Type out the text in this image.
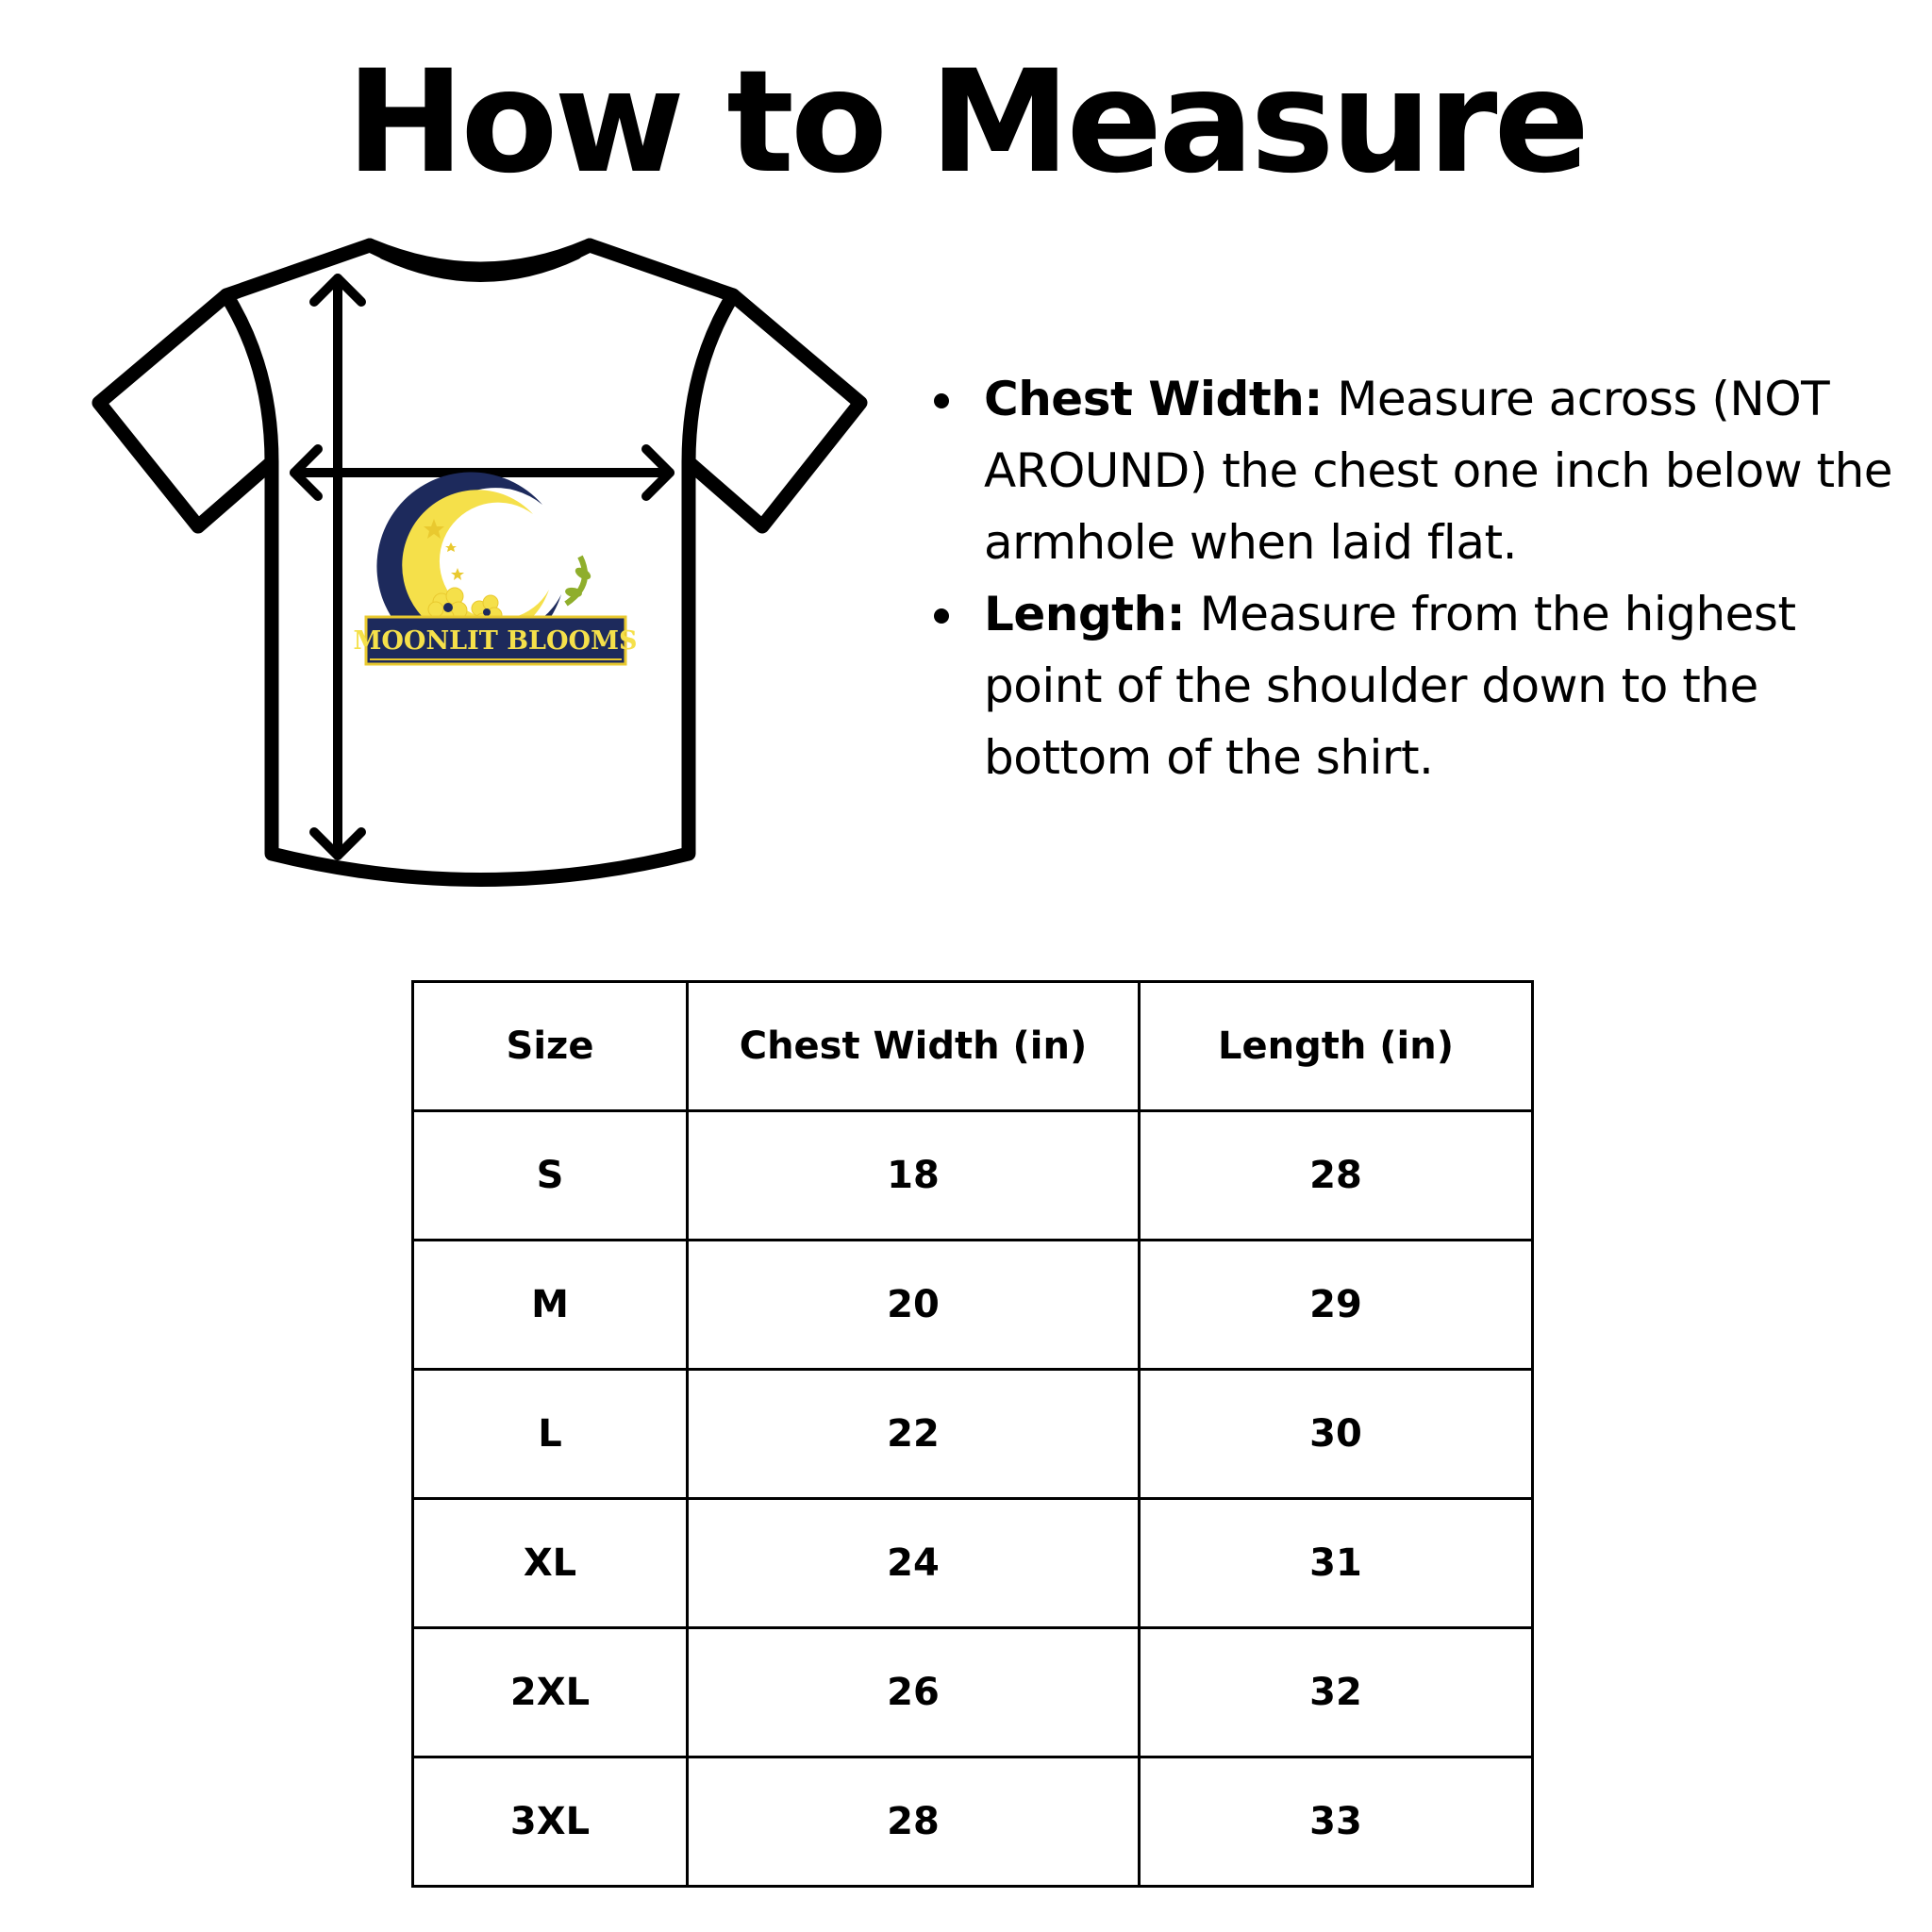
How to Measure
MOONLIT BLOOMS
Chest Width: Measure across (NOT AROUND) the chest one inch below the armhole when laid flat.
Length: Measure from the highest point of the shoulder down to the bottom of the shirt.
Size	Chest Width (in)	Length (in)
S	18	28
M	20	29
L	22	30
XL	24	31
2XL	26	32
3XL	28	33
